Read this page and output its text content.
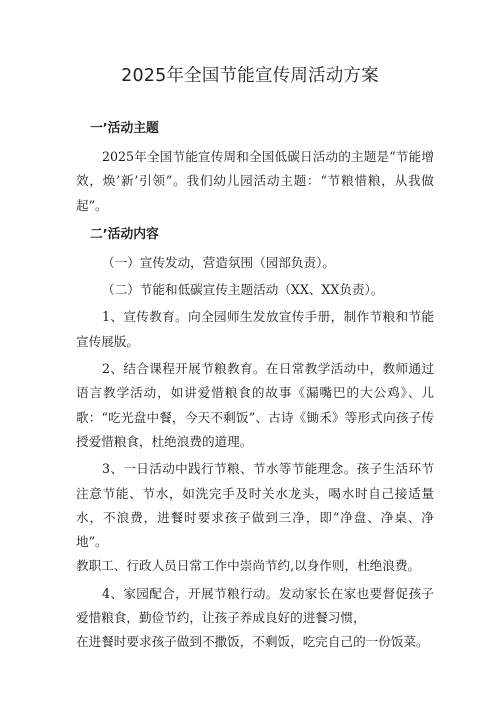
2025年全国节能宣传周活动方案

一’活动主题

2025年全国节能宣传周和全国低碳日活动的主题是“节能增效，焕’新’引领”。我们幼儿园活动主题：“节粮惜粮，从我做起”。

二’活动内容

（一）宣传发动，营造氛围（园部负责）。

（二）节能和低碳宣传主题活动（XX、XX负责）。

1、宣传教育。向全园师生发放宣传手册，制作节粮和节能宣传展版。

2、结合课程开展节粮教育。在日常教学活动中，教师通过语言教学活动，如讲爱惜粮食的故事《漏嘴巴的大公鸡》、儿歌：“吃光盘中餐，今天不剩饭”、古诗《锄禾》等形式向孩子传授爱惜粮食，杜绝浪费的道理。

3、一日活动中践行节粮、节水等节能理念。孩子生活环节注意节能、节水，如洗完手及时关水龙头，喝水时自己接适量水，不浪费，进餐时要求孩子做到三净，即“净盘、净桌、净地”。

教职工、行政人员日常工作中崇尚节约,以身作则，杜绝浪费。

4、家园配合，开展节粮行动。发动家长在家也要督促孩子爱惜粮食，勤俭节约，让孩子养成良好的进餐习惯，

在进餐时要求孩子做到不撒饭，不剩饭，吃完自己的一份饭菜。
